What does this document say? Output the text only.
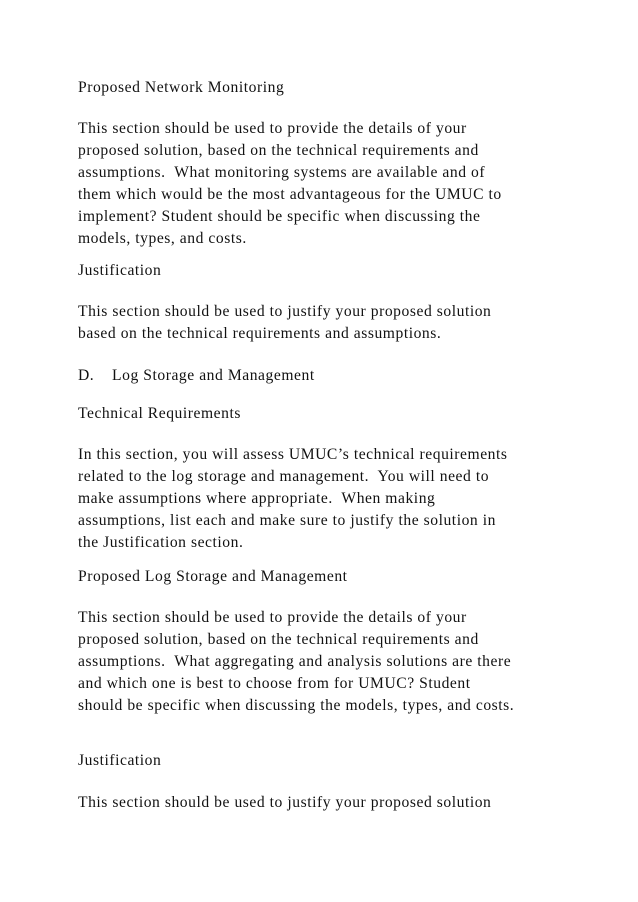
Proposed Network Monitoring
This section should be used to provide the details of your
proposed solution, based on the technical requirements and
assumptions.  What monitoring systems are available and of
them which would be the most advantageous for the UMUC to
implement? Student should be specific when discussing the
models, types, and costs.
Justification
This section should be used to justify your proposed solution
based on the technical requirements and assumptions.
D.    Log Storage and Management
Technical Requirements
In this section, you will assess UMUC’s technical requirements
related to the log storage and management.  You will need to
make assumptions where appropriate.  When making
assumptions, list each and make sure to justify the solution in
the Justification section.
Proposed Log Storage and Management
This section should be used to provide the details of your
proposed solution, based on the technical requirements and
assumptions.  What aggregating and analysis solutions are there
and which one is best to choose from for UMUC? Student
should be specific when discussing the models, types, and costs.
Justification
This section should be used to justify your proposed solution
